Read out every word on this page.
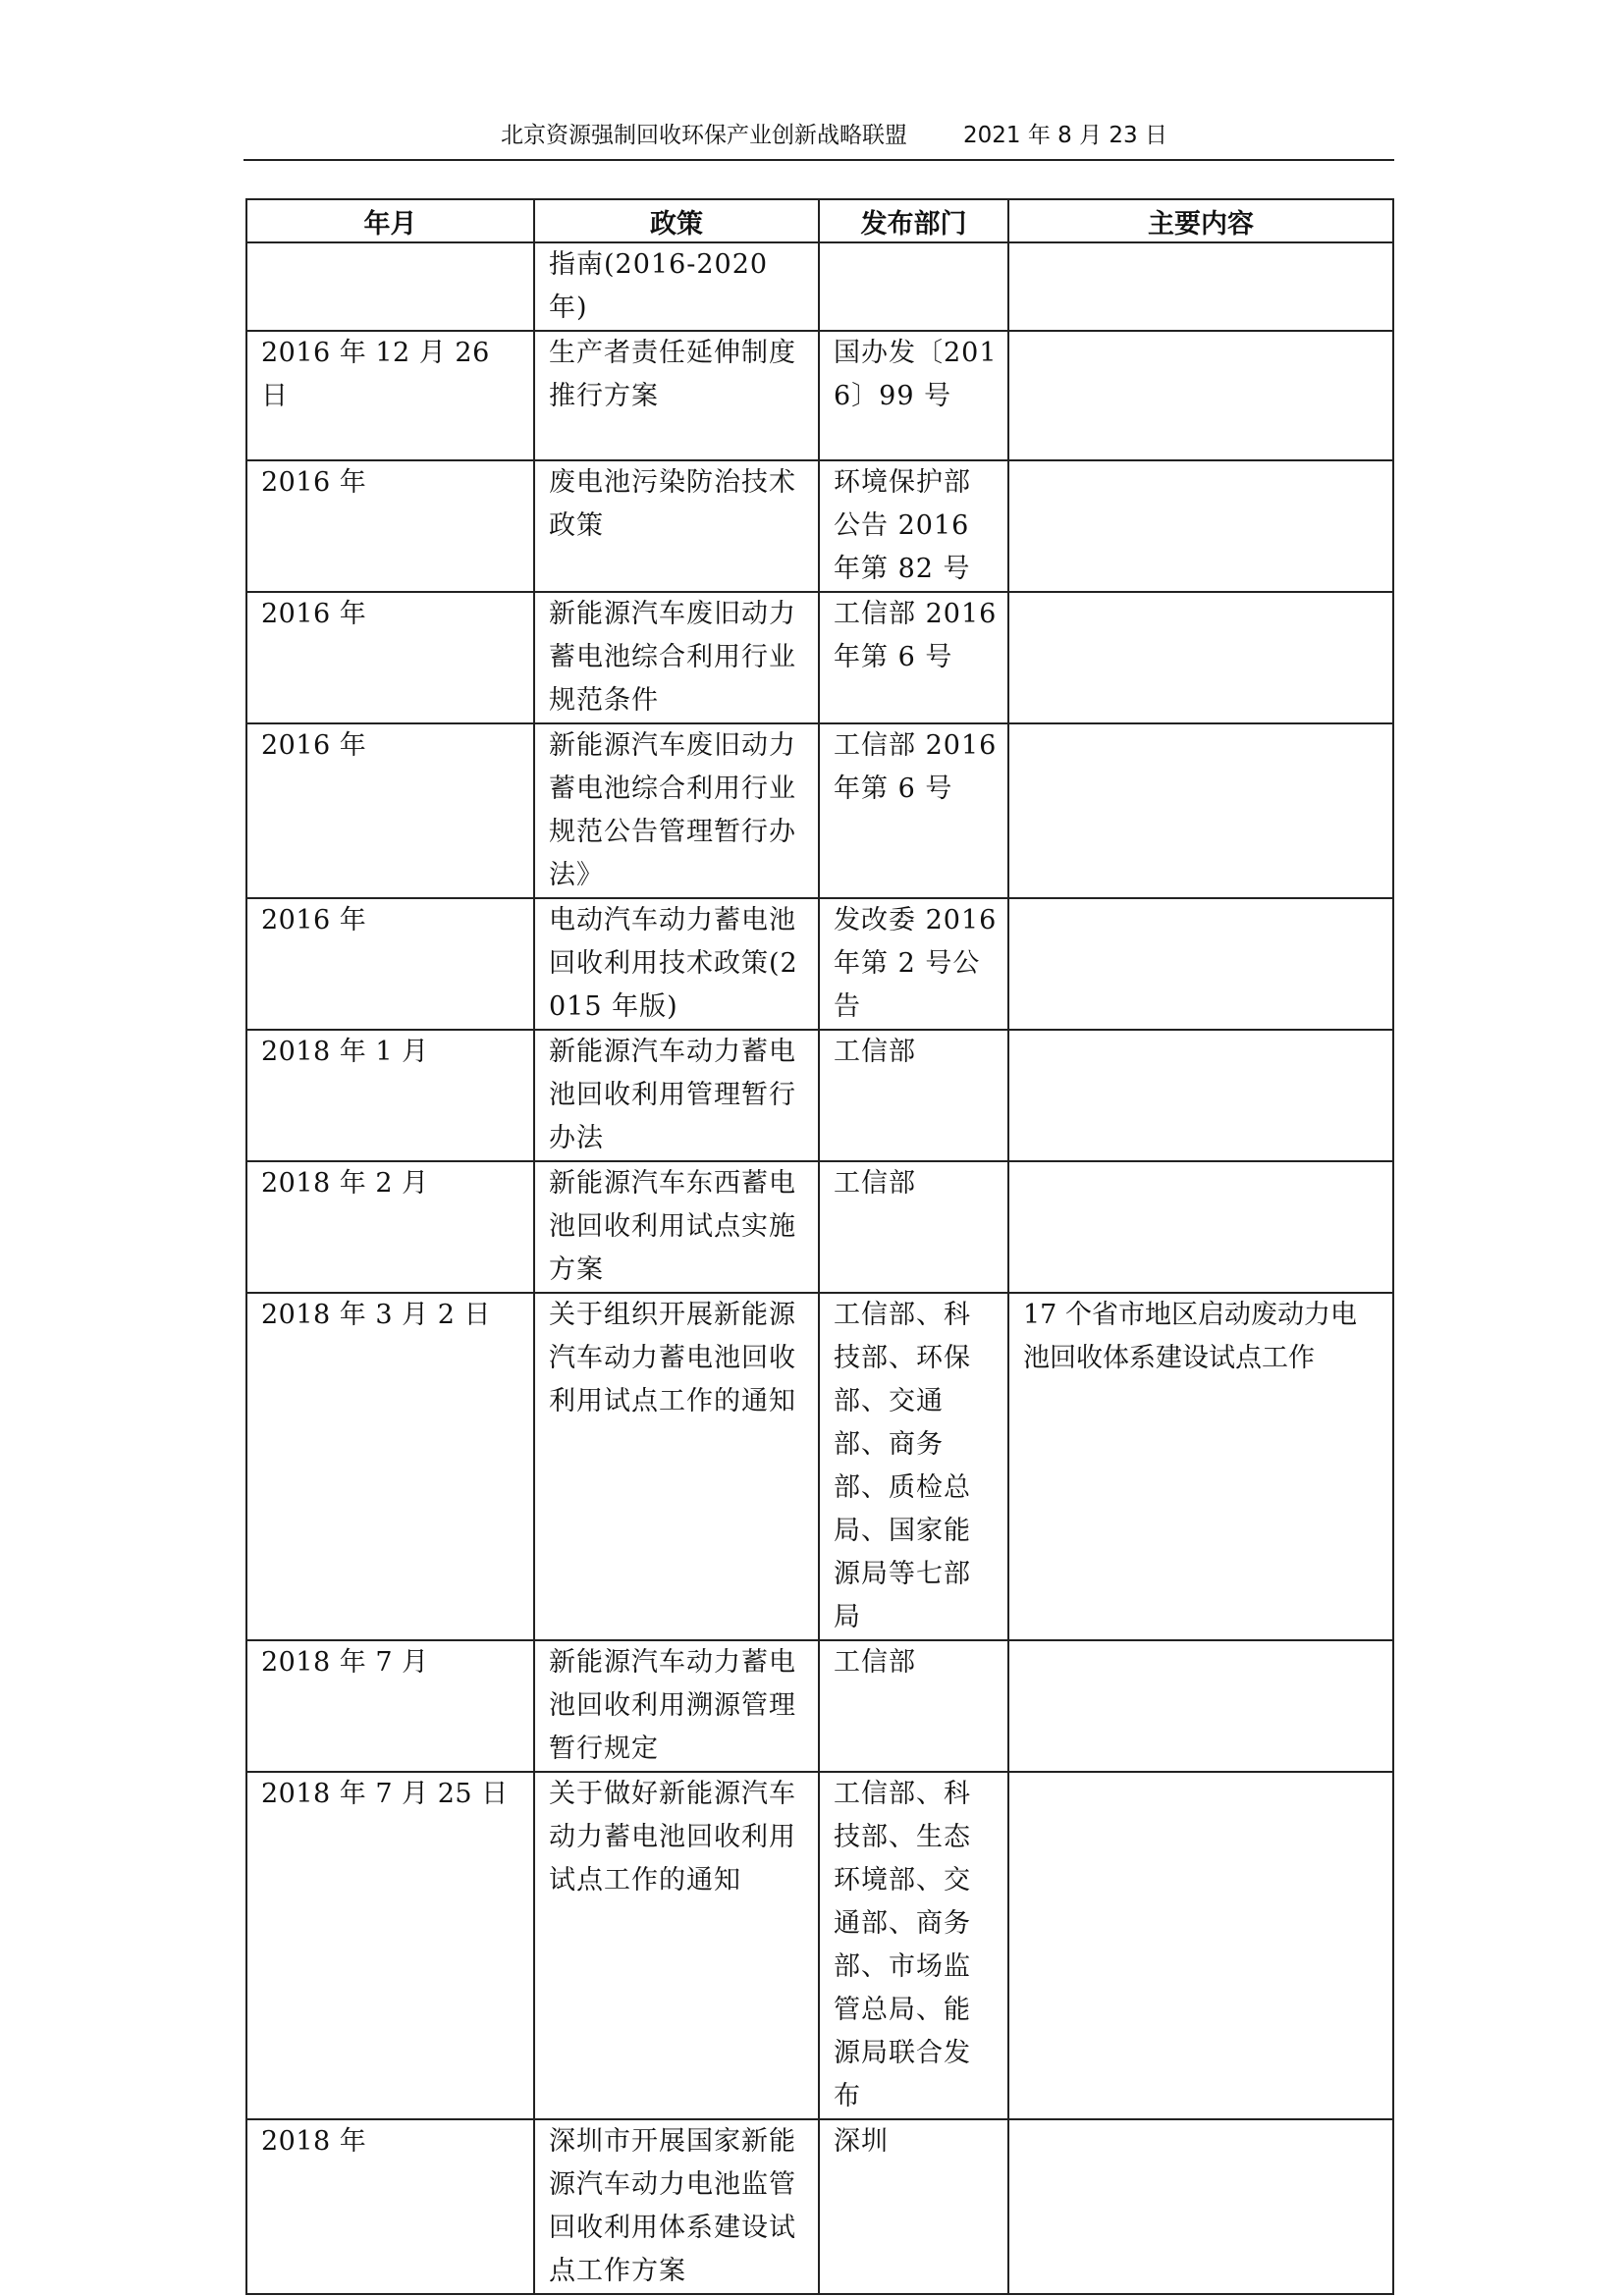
北京资源强制回收环保产业创新战略联盟 2021 年 8 月 23 日
年月	政策	发布部门	主要内容
	指南(2016-2020 年)		
2016 年 12 月 26 日	生产者责任延伸制度推行方案	国办发〔2016〕99 号	
2016 年	废电池污染防治技术政策	环境保护部公告 2016 年第 82 号	
2016 年	新能源汽车废旧动力蓄电池综合利用行业规范条件	工信部 2016 年第 6 号	
2016 年	新能源汽车废旧动力蓄电池综合利用行业规范公告管理暂行办法》	工信部 2016 年第 6 号	
2016 年	电动汽车动力蓄电池回收利用技术政策(2015 年版)	发改委 2016 年第 2 号公告	
2018 年 1 月	新能源汽车动力蓄电池回收利用管理暂行办法	工信部	
2018 年 2 月	新能源汽车东西蓄电池回收利用试点实施方案	工信部	
2018 年 3 月 2 日	关于组织开展新能源汽车动力蓄电池回收利用试点工作的通知	工信部、科技部、环保部、交通部、商务部、质检总局、国家能源局等七部局	17 个省市地区启动废动力电池回收体系建设试点工作
2018 年 7 月	新能源汽车动力蓄电池回收利用溯源管理暂行规定	工信部	
2018 年 7 月 25 日	关于做好新能源汽车动力蓄电池回收利用试点工作的通知	工信部、科技部、生态环境部、交通部、商务部、市场监管总局、能源局联合发布	
2018 年	深圳市开展国家新能源汽车动力电池监管回收利用体系建设试点工作方案	深圳	
